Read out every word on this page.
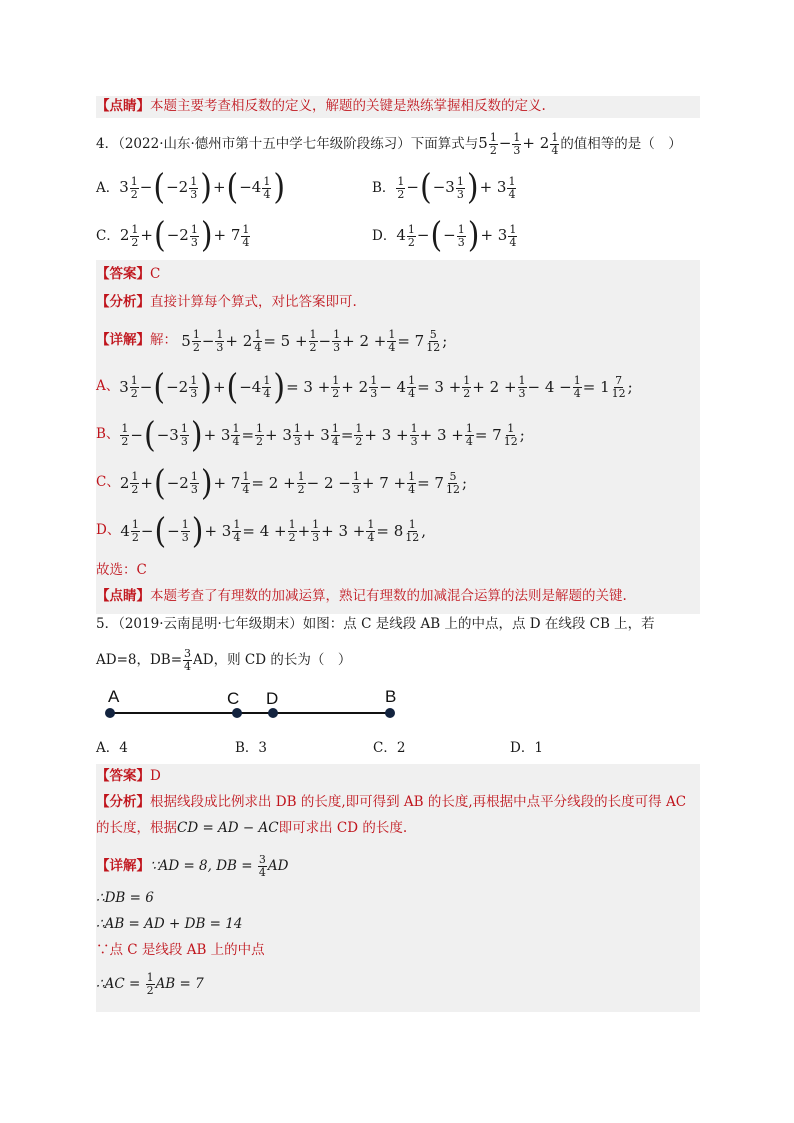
【点睛】本题主要考查相反数的定义，解题的关键是熟练掌握相反数的定义.
4．（2022·山东·德州市第十五中学七年级阶段练习）下面算式与$5 \frac{1}{2} - \frac{1}{3} + 2 \frac{1}{4}$ 的值相等的是（　）
A．$3 \frac{1}{2} -(-2 \frac{1}{3} )+(-4 \frac{1}{4}$ )	B． $\frac{1}{2} -(-3 \frac{1}{3}$ )+ $3 \frac{1}{4}$
C．$2 \frac{1}{2} +(-2 \frac{1}{3}$ )+ $7 \frac{1}{4}$	D．$4 \frac{1}{2}$ −(− $\frac{1}{3}$ )+ $3 \frac{1}{4}$
【答案】C
【分析】直接计算每个算式，对比答案即可.
【详解】解： $5 \frac{1}{2} - \frac{1}{3} + 2 \frac{1}{4} = 5 + \frac{1}{2} - \frac{1}{3} + 2 + \frac{1}{4} = 7 \frac{5}{12}$ ;
A、$3 \frac{1}{2} -(-2 \frac{1}{3} )+(-4 \frac{1}{4}$ )= $3 + \frac{1}{2} + 2 \frac{1}{3} - 4 \frac{1}{4} = 3 + \frac{1}{2} + 2 + \frac{1}{3} - 4 - \frac{1}{4} = 1 \frac{7}{12}$ ;
B、 $\frac{1}{2} -(-3 \frac{1}{3}$ )+ $3 \frac{1}{4} = \frac{1}{2} + 3 \frac{1}{3} + 3 \frac{1}{4} = \frac{1}{2} + 3 + \frac{1}{3} + 3 + \frac{1}{4} = 7 \frac{1}{12}$ ;
C、$2 \frac{1}{2} +(-2 \frac{1}{3}$ )+ $7 \frac{1}{4} = 2 + \frac{1}{2} - 2 - \frac{1}{3} + 7 + \frac{1}{4} = 7 \frac{5}{12}$ ;
D、$4 \frac{1}{2}$ −(− $\frac{1}{3}$ )+ $3 \frac{1}{4} = 4 + \frac{1}{2} + \frac{1}{3} + 3 + \frac{1}{4} = 8 \frac{1}{12}$ ,
故选：C
【点睛】本题考查了有理数的加减运算，熟记有理数的加减混合运算的法则是解题的关键.
5．（2019·云南昆明·七年级期末）如图：点 C 是线段 AB 上的中点，点 D 在线段 CB 上，若
AD=8，$DB= \frac{3}{4}$ AD，则 CD 的长为（　）
A	C D	B
A．4	B．3	C．2	D．1
【答案】D
【分析】根据线段成比例求出 DB 的长度,即可得到 AB 的长度,再根据中点平分线段的长度可得 AC
的长度，根据CD = AD − AC即可求出 CD 的长度.
【详解】∵AD = 8, DB = $\frac{3}{4}$ AD
∴DB = 6
∴AB = AD + DB = 14
∵点 C 是线段 AB 上的中点
∴AC = $\frac{1}{2}$ AB = 7
